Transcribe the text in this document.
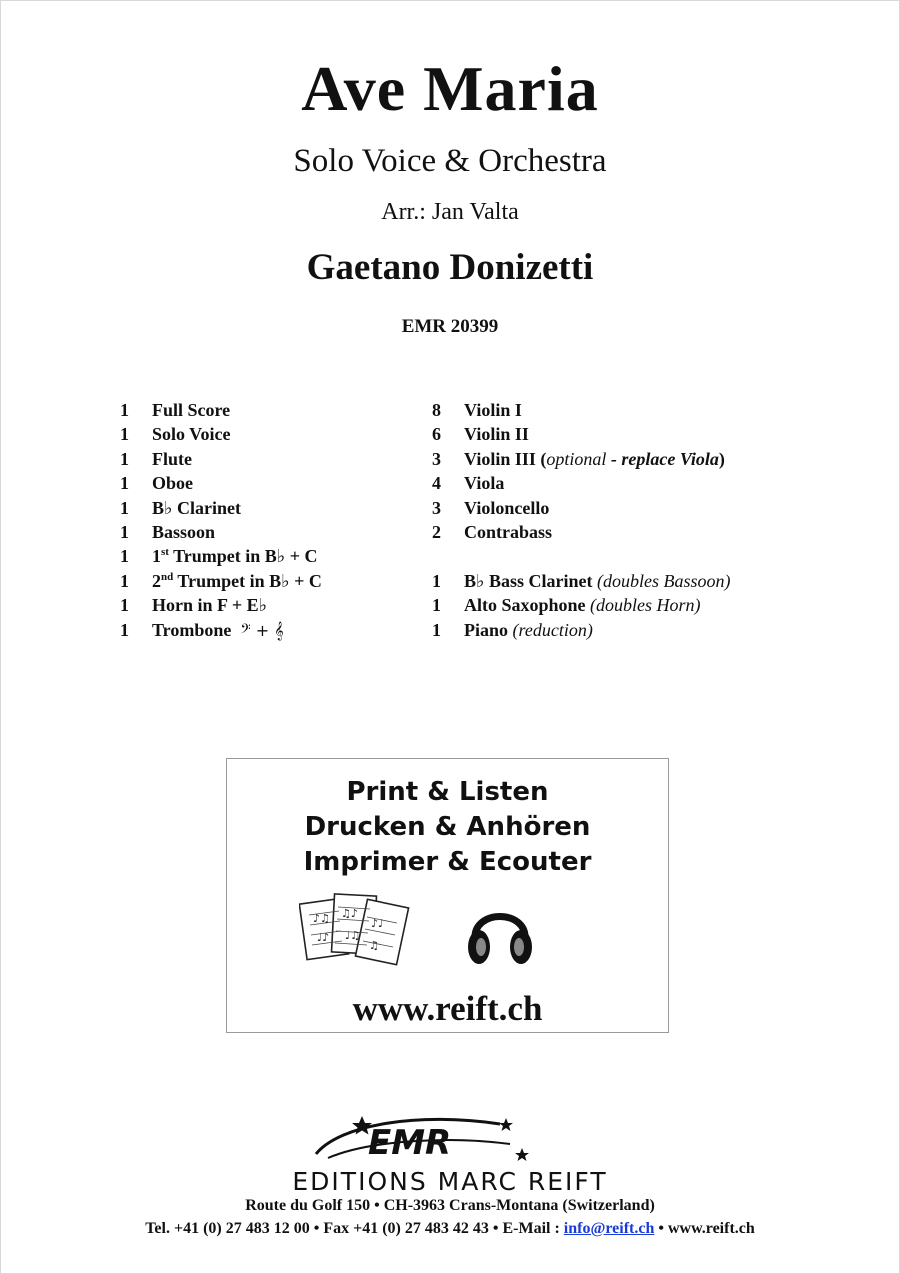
Ave Maria
Solo Voice & Orchestra
Arr.: Jan Valta
Gaetano Donizetti
EMR 20399
1	Full Score
1	Solo Voice
1	Flute
1	Oboe
1	B♭ Clarinet
1	Bassoon
1	1st Trumpet in B♭ + C
1	2nd Trumpet in B♭ + C
1	Horn in F + E♭
1	Trombone 𝄢 + 𝄞
8	Violin I
6	Violin II
3	Violin III (optional - replace Viola)
4	Viola
3	Violoncello
2	Contrabass
1	B♭ Bass Clarinet (doubles Bassoon)
1	Alto Saxophone (doubles Horn)
1	Piano (reduction)
Print & Listen
Drucken & Anhören
Imprimer & Ecouter
♪♫
♩♪
♫♪
♩♫
♪♩
♫
www.reift.ch
EMR
EDITIONS MARC REIFT
Route du Golf 150 • CH-3963 Crans-Montana (Switzerland)
Tel. +41 (0) 27 483 12 00 • Fax +41 (0) 27 483 42 43 • E-Mail : info@reift.ch • www.reift.ch
